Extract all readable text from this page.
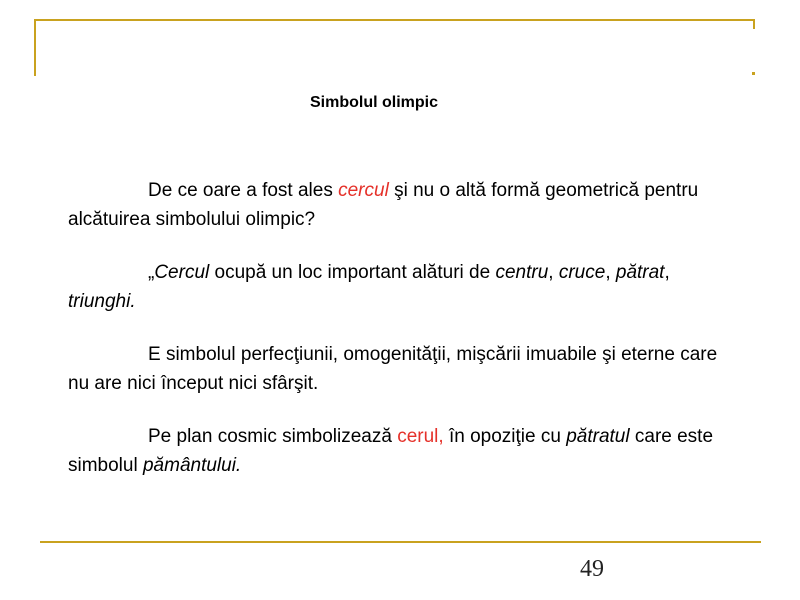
Simbolul olimpic

De ce oare a fost ales cercul şi nu o altă formă geometrică pentru alcătuirea simbolului olimpic?

„Cercul ocupă un loc important alături de centru, cruce, pătrat, triunghi.

E simbolul perfecţiunii, omogenităţii, mişcării imuabile şi eterne care nu are nici început nici sfârşit.

Pe plan cosmic simbolizează cerul, în opoziţie cu pătratul care este simbolul pământului.

49
